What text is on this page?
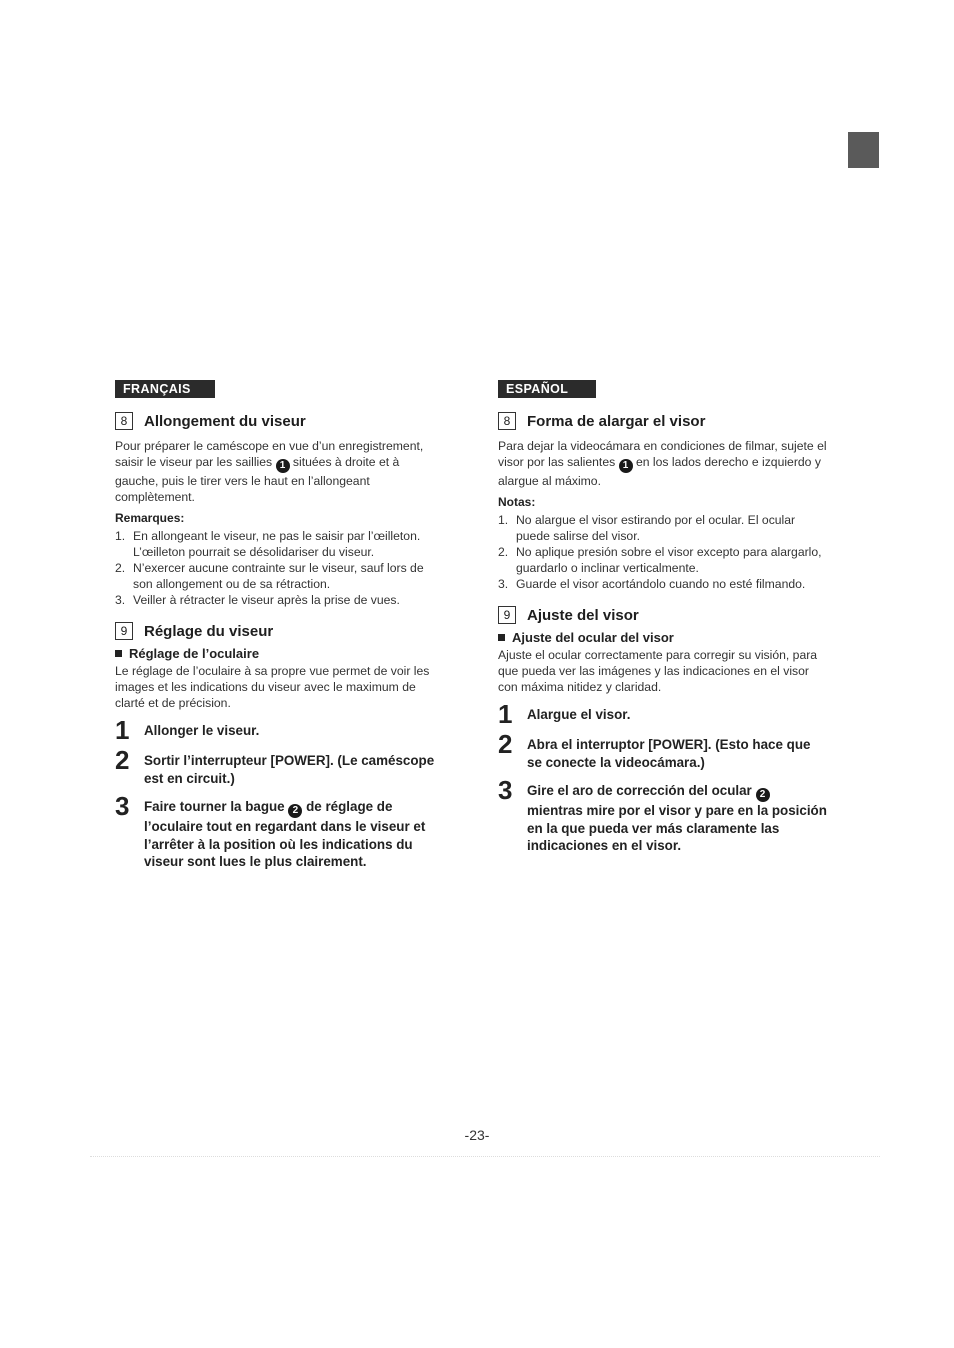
FRANÇAIS
8	Allongement du viseur

Pour préparer le caméscope en vue d’un enregistrement, saisir le viseur par les saillies 1 situées à droite et à gauche, puis le tirer vers le haut en l’allongeant complètement.

Remarques:
1. En allongeant le viseur, ne pas le saisir par l’œilleton. L’œilleton pourrait se désolidariser du viseur.
2. N’exercer aucune contrainte sur le viseur, sauf lors de son allongement ou de sa rétraction.
3. Veiller à rétracter le viseur après la prise de vues.
9	Réglage du viseur
Réglage de l’oculaire

Le réglage de l’oculaire à sa propre vue permet de voir les images et les indications du viseur avec le maximum de clarté et de précision.

1	Allonger le viseur.
2	Sortir l’interrupteur [POWER]. (Le caméscope est en circuit.)
3	Faire tourner la bague 2 de réglage de l’oculaire tout en regardant dans le viseur et l’arrêter à la position où les indications du viseur sont lues le plus clairement.
ESPAÑOL
8	Forma de alargar el visor

Para dejar la videocámara en condiciones de filmar, sujete el visor por las salientes 1 en los lados derecho e izquierdo y alargue al máximo.

Notas:
1. No alargue el visor estirando por el ocular. El ocular puede salirse del visor.
2. No aplique presión sobre el visor excepto para alargarlo, guardarlo o inclinar verticalmente.
3. Guarde el visor acortándolo cuando no esté filmando.
9	Ajuste del visor
Ajuste del ocular del visor

Ajuste el ocular correctamente para corregir su visión, para que pueda ver las imágenes y las indicaciones en el visor con máxima nitidez y claridad.

1	Alargue el visor.
2	Abra el interruptor [POWER]. (Esto hace que se conecte la videocámara.)
3	Gire el aro de corrección del ocular 2 mientras mire por el visor y pare en la posición en la que pueda ver más claramente las indicaciones en el visor.
-23-
